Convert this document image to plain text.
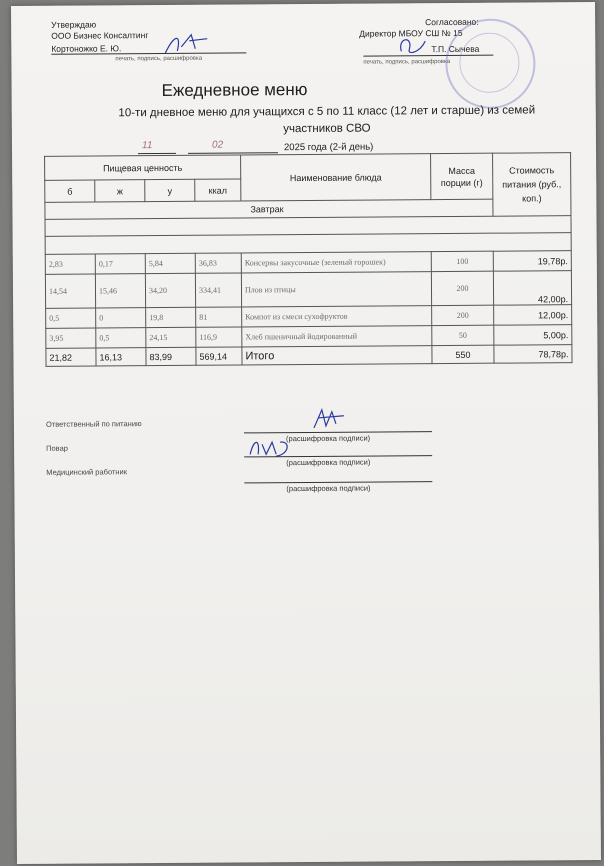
Утверждаю
ООО Бизнес Консалтинг
Кортоножко Е. Ю.
печать, подпись, расшифровка
Согласовано:
Директор МБОУ СШ № 15
Т.П. Сычева
печать, подпись, расшифровка
Ежедневное меню
10-ти дневное меню для учащихся с 5 по 11 класс (12 лет и старше) из семей участников СВО
11	02	2025 года (2-й день)
Пищевая ценность				Наименование блюда	Масса порции (г)	Стоимость питания (руб., коп.)
б	ж	у	ккал			
Завтрак						

2,83	0,17	5,84	36,83	Консервы закусочные (зеленый горошек)	100	19,78р.
14,54	15,46	34,20	334,41	Плов из птицы	200	42,00р.
0,5	0	19,8	81	Компот из смеси сухофруктов	200	12,00р.
3,95	0,5	24,15	116,9	Хлеб пшеничный йодированный	50	5,00р.
21,82	16,13	83,99	569,14	Итого	550	78,78р.
Ответственный по питанию
(расшифровка подписи)
Повар
(расшифровка подписи)
Медицинский работник
(расшифровка подписи)
